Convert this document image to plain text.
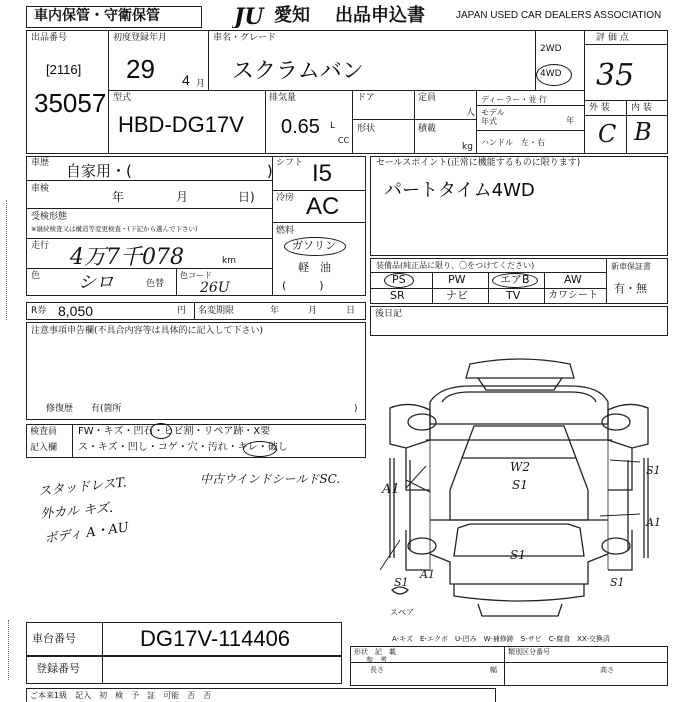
車内保管・守衛保管	JU 愛知 出品申込書	JAPAN USED CAR DEALERS ASSOCIATION
出品番号
[2116]
35057
初度登録年月
29 4 月
車名・グレード
スクラムバン
2WD
4WD
評 価 点
35
外 装 内 装
C B
型式
HBD-DG17V
排気量
0.65 L
CC
ドア	定員
人
形状	積載
kg
ディーラー・並 行
モデル
年式	年
ハンドル　左・右
車歴 自家用・(　　　　　　　　　)
車検
年	月	日)
受検形態
※継続検査又は構造等変更検査・(下記から選んで下さい)
走行 4万7千078	km
色 シロ	色替
色コード
26U
シフト I5
冷房 AC
燃料
ガソリン
軽　油
(　　　)
セールスポイント(正常に機能するものに限ります)
パートタイム4WD
装備品(純正品に限り、〇をつけてください)
PS	PW	エアB	AW
SR	ナビ	TV	カワシート
新車保証書
有・無
R券 8,050	円 名変期限	年	月	日
注意事項申告欄(不具合内容等は具体的に記入して下さい)
修復歴　　有(箇所	)
後日記
検査員
記入欄
FW・キズ・凹石・ヒビ割・リペア跡・X要
ス・キズ・凹し・コゲ・穴・汚れ・キレ・破し
スタッドレスT.	中古ウインドシールドSC.
外カル キズ.
ボディ A・AU
A1
W2
S1
S1
A1
S1
A1
S1	S1
スペア
A-キズ　E-エクボ　U-凹み　W-補修跡　S-サビ　C-腐食　XX-交換済
車台番号	DG17V-114406
登録番号
形状　記　載
参　考
類別区分番号
長さ	幅	高さ
ご本来1級　記入　初　検　予　証　可能　否　否
